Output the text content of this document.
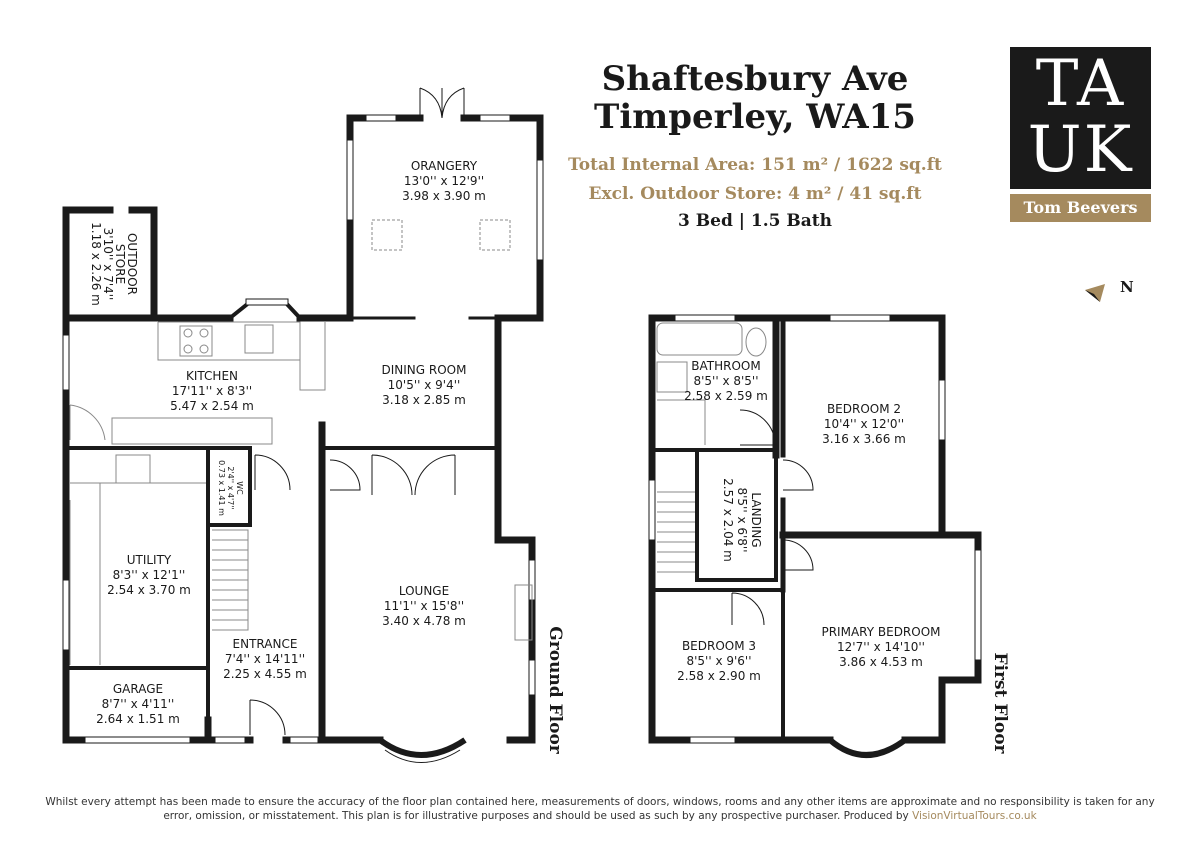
N
ORANGERY
13'0'' x 12'9''
3.98 x 3.90 m
OUTDOOR
STORE
3'10'' x 7'4''
1.18 x 2.26 m
KITCHEN
17'11'' x 8'3''
5.47 x 2.54 m
DINING ROOM
10'5'' x 9'4''
3.18 x 2.85 m
WC
2'4'' x 4'7''
0.73 x 1.41 m
UTILITY
8'3'' x 12'1''
2.54 x 3.70 m	LOUNGE
11'1'' x 15'8''
3.40 x 4.78 m
ENTRANCE
7'4'' x 14'11''
2.25 x 4.55 m
GARAGE
8'7'' x 4'11''
2.64 x 1.51 m
BATHROOM
8'5'' x 8'5''
2.58 x 2.59 m
BEDROOM 2
10'4'' x 12'0''
3.16 x 3.66 m
LANDING
8'5'' x 6'8''
2.57 x 2.04 m
BEDROOM 3
8'5'' x 9'6''
2.58 x 2.90 m
PRIMARY BEDROOM
12'7'' x 14'10''
3.86 x 4.53 m
Ground Floor	First Floor
Shaftesbury Ave
Timperley, WA15
Total Internal Area: 151 m² / 1622 sq.ft
Excl. Outdoor Store: 4 m² / 41 sq.ft
3 Bed | 1.5 Bath
TA
UK
Tom Beevers
Whilst every attempt has been made to ensure the accuracy of the floor plan contained here, measurements of doors, windows, rooms and any other items are approximate and no responsibility is taken for any error, omission, or misstatement. This plan is for illustrative purposes and should be used as such by any prospective purchaser. Produced by VisionVirtualTours.co.uk
